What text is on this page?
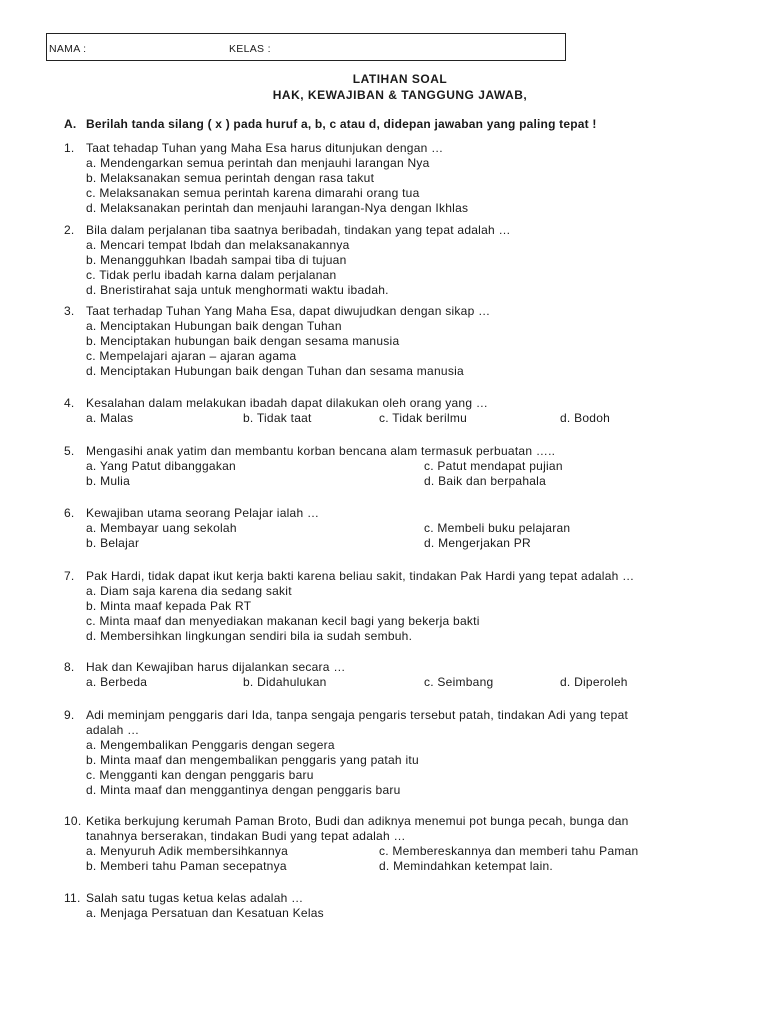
NAMA :	KELAS :
LATIHAN SOAL
HAK, KEWAJIBAN & TANGGUNG JAWAB,
A. Berilah tanda silang ( x ) pada huruf a, b, c atau d, didepan jawaban yang paling tepat !
1. Taat tehadap Tuhan yang Maha Esa harus ditunjukan dengan …
a. Mendengarkan semua perintah dan menjauhi larangan Nya
b. Melaksanakan semua perintah dengan rasa takut
c. Melaksanakan semua perintah karena dimarahi orang tua
d. Melaksanakan perintah dan menjauhi larangan-Nya dengan Ikhlas
2. Bila dalam perjalanan tiba saatnya beribadah, tindakan yang tepat adalah …
a. Mencari tempat Ibdah dan melaksanakannya
b. Menangguhkan Ibadah sampai tiba di tujuan
c. Tidak perlu ibadah karna dalam perjalanan
d. Bneristirahat saja untuk menghormati waktu ibadah.
3. Taat terhadap Tuhan Yang Maha Esa, dapat diwujudkan dengan sikap …
a. Menciptakan Hubungan baik dengan Tuhan
b. Menciptakan hubungan baik dengan sesama manusia
c. Mempelajari ajaran – ajaran agama
d. Menciptakan Hubungan baik dengan Tuhan dan sesama manusia
4. Kesalahan dalam melakukan ibadah dapat dilakukan oleh orang yang …
a. Malas	b. Tidak taat	c. Tidak berilmu	d. Bodoh
5. Mengasihi anak yatim dan membantu korban bencana alam termasuk perbuatan …..
a. Yang Patut dibanggakan	c. Patut mendapat pujian
b. Mulia	d. Baik dan berpahala
6. Kewajiban utama seorang Pelajar ialah …
a. Membayar uang sekolah	c. Membeli buku pelajaran
b. Belajar	d. Mengerjakan PR
7. Pak Hardi, tidak dapat ikut kerja bakti karena beliau sakit, tindakan Pak Hardi yang tepat adalah …
a. Diam saja karena dia sedang sakit
b. Minta maaf kepada Pak RT
c. Minta maaf dan menyediakan makanan kecil bagi yang bekerja bakti
d. Membersihkan lingkungan sendiri bila ia sudah sembuh.
8. Hak dan Kewajiban harus dijalankan secara …
a. Berbeda	b. Didahulukan	c. Seimbang	d. Diperoleh
9. Adi meminjam penggaris dari Ida, tanpa sengaja pengaris tersebut patah, tindakan Adi yang tepat
adalah …
a. Mengembalikan Penggaris dengan segera
b. Minta maaf dan mengembalikan penggaris yang patah itu
c. Mengganti kan dengan penggaris baru
d. Minta maaf dan menggantinya dengan penggaris baru
10. Ketika berkujung kerumah Paman Broto, Budi dan adiknya menemui pot bunga pecah, bunga dan
tanahnya berserakan, tindakan Budi yang tepat adalah …
a. Menyuruh Adik membersihkannya	c. Membereskannya dan memberi tahu Paman
b. Memberi tahu Paman secepatnya	d. Memindahkan ketempat lain.
11. Salah satu tugas ketua kelas adalah …
a. Menjaga Persatuan dan Kesatuan Kelas
